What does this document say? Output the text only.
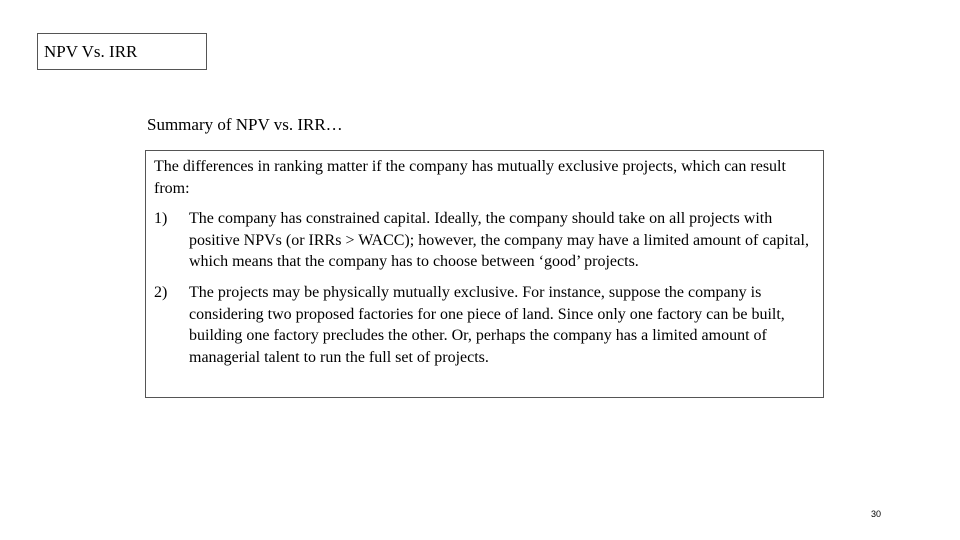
NPV Vs. IRR
Summary of NPV vs. IRR…

The differences in ranking matter if the company has mutually exclusive projects, which can result from:

1)	The company has constrained capital. Ideally, the company should take on all projects with positive NPVs (or IRRs > WACC); however, the company may have a limited amount of capital, which means that the company has to choose between ‘good’ projects.
2)	The projects may be physically mutually exclusive. For instance, suppose the company is considering two proposed factories for one piece of land. Since only one factory can be built, building one factory precludes the other. Or, perhaps the company has a limited amount of managerial talent to run the full set of projects.
30
